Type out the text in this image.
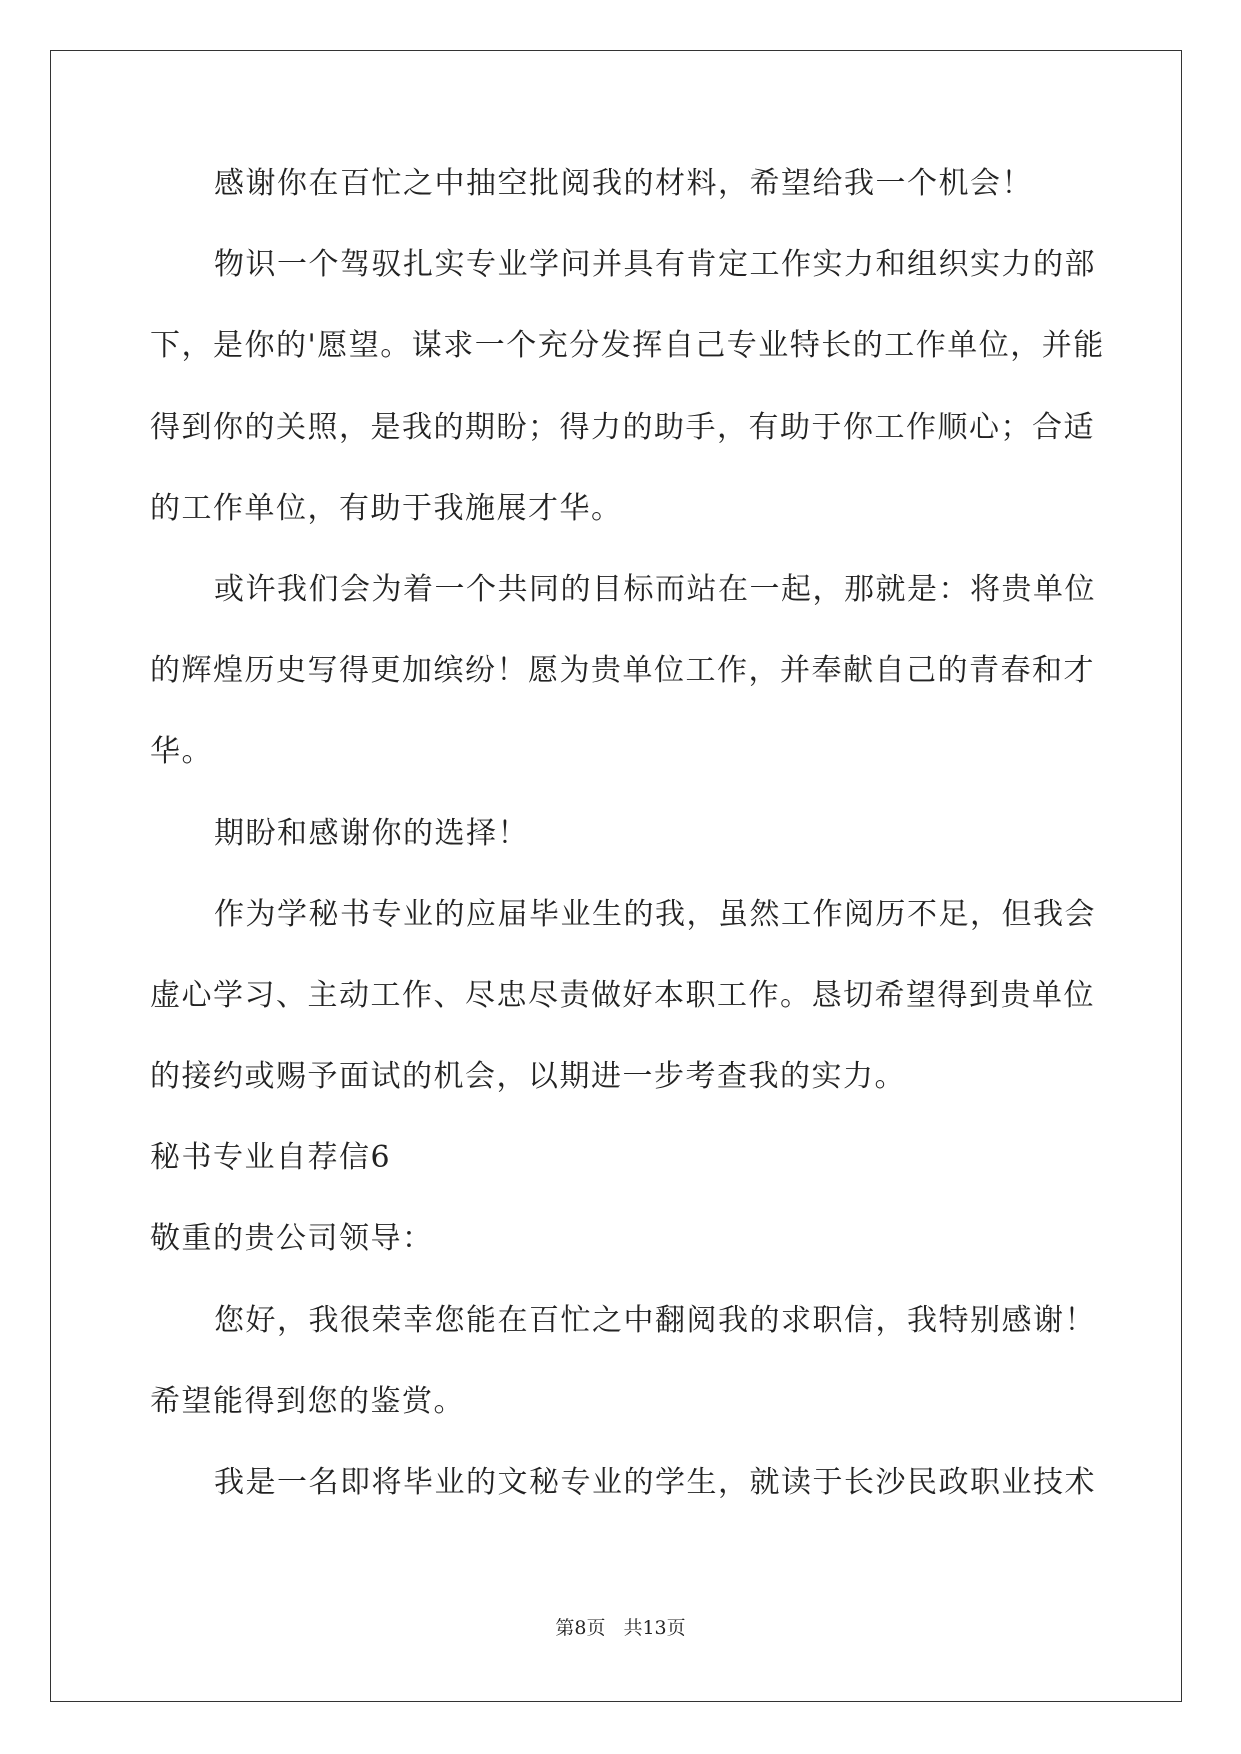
感谢你在百忙之中抽空批阅我的材料，希望给我一个机会！
物识一个驾驭扎实专业学问并具有肯定工作实力和组织实力的部
下，是你的'愿望。谋求一个充分发挥自己专业特长的工作单位，并能
得到你的关照，是我的期盼；得力的助手，有助于你工作顺心；合适
的工作单位，有助于我施展才华。
或许我们会为着一个共同的目标而站在一起，那就是：将贵单位
的辉煌历史写得更加缤纷！愿为贵单位工作，并奉献自己的青春和才
华。
期盼和感谢你的选择！
作为学秘书专业的应届毕业生的我，虽然工作阅历不足，但我会
虚心学习、主动工作、尽忠尽责做好本职工作。恳切希望得到贵单位
的接约或赐予面试的机会，以期进一步考查我的实力。
秘书专业自荐信6
敬重的贵公司领导：
您好，我很荣幸您能在百忙之中翻阅我的求职信，我特别感谢！
希望能得到您的鉴赏。
我是一名即将毕业的文秘专业的学生，就读于长沙民政职业技术
第8页 共13页
